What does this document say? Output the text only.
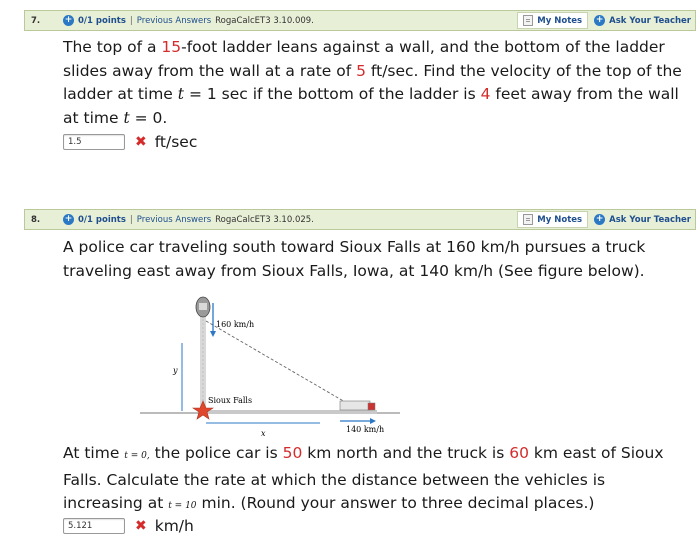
7.	+ 0/1 points | Previous Answers RogaCalcET3 3.10.009.	My Notes + Ask Your Teacher
The top of a 15-foot ladder leans against a wall, and the bottom of the ladder slides away from the wall at a rate of 5 ft/sec. Find the velocity of the top of the ladder at time t = 1 sec if the bottom of the ladder is 4 feet away from the wall at time t = 0.
1.5	✖ ft/sec
8.	+ 0/1 points | Previous Answers RogaCalcET3 3.10.025.	My Notes + Ask Your Teacher
A police car traveling south toward Sioux Falls at 160 km/h pursues a truck traveling east away from Sioux Falls, Iowa, at 140 km/h (See figure below).
160 km/h
y
140 km/h
x
Sioux Falls
At time t = 0, the police car is 50 km north and the truck is 60 km east of Sioux Falls. Calculate the rate at which the distance between the vehicles is increasing at t = 10 min. (Round your answer to three decimal places.)
5.121	✖ km/h
